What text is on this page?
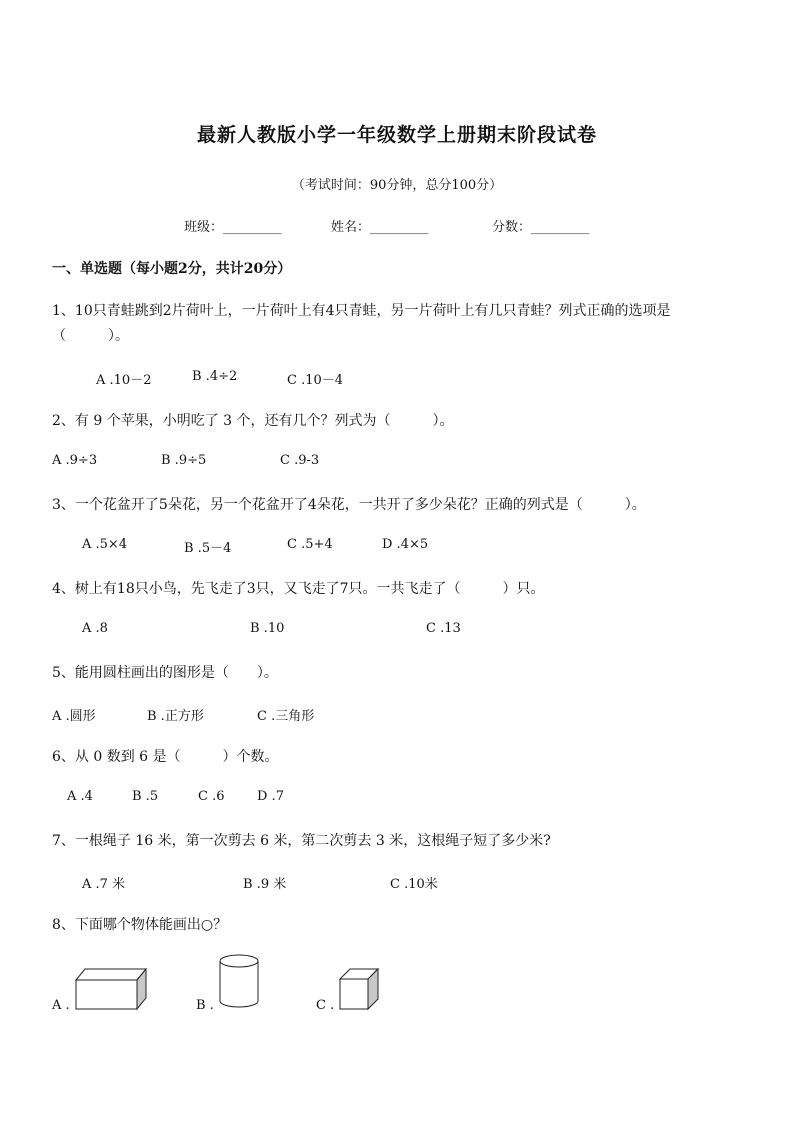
最新人教版小学一年级数学上册期末阶段试卷
（考试时间：90分钟，总分100分）
班级：_________	姓名：_________	分数：_________
一、单选题（每小题2分，共计20分）
1、10只青蛙跳到2片荷叶上，一片荷叶上有4只青蛙，另一片荷叶上有几只青蛙？列式正确的选项是
（　　　）。
A .10－2	B .4÷2	C .10－4
2、有 9 个苹果，小明吃了 3 个，还有几个？列式为（　　　）。
A .9÷3	B .9÷5	C .9-3
3、一个花盆开了5朵花，另一个花盆开了4朵花，一共开了多少朵花？正确的列式是（　　　）。
A .5×4	B .5－4	C .5+4	D .4×5
4、树上有18只小鸟，先飞走了3只，又飞走了7只。一共飞走了（　　　）只。
A .8	B .10	C .13
5、能用圆柱画出的图形是（　　）。
A .圆形	B .正方形	C .三角形
6、从 0 数到 6 是（　　　）个数。
A .4	B .5	C .6	D .7
7、一根绳子 16 米，第一次剪去 6 米，第二次剪去 3 米，这根绳子短了多少米?
A .7 米	B .9 米	C .10米
8、下面哪个物体能画出○？
A .	B .	C .
